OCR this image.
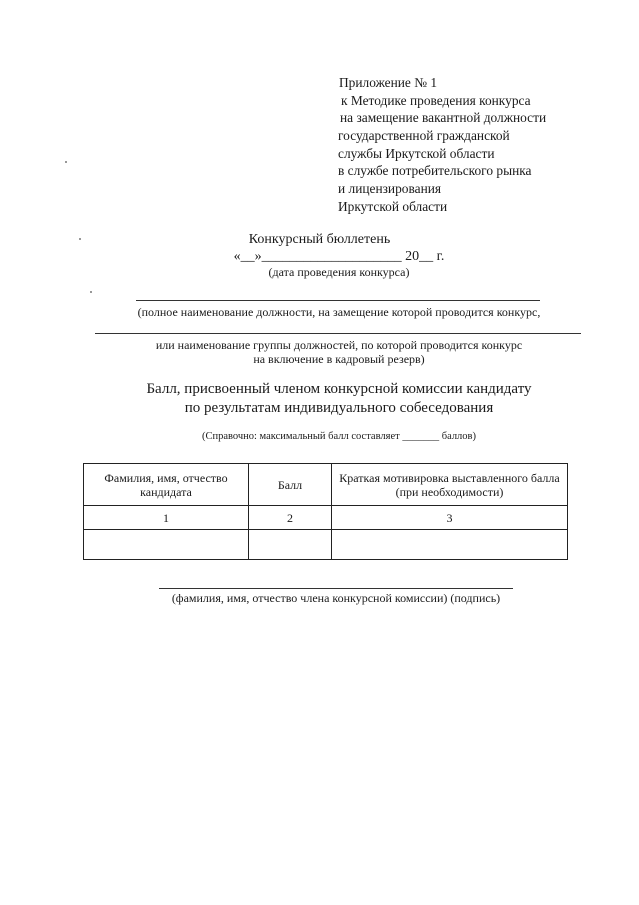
Приложение № 1
к Методике проведения конкурса
на замещение вакантной должности
государственной гражданской
службы Иркутской области
в службе потребительского рынка
и лицензирования
Иркутской области
Конкурсный бюллетень
«__»____________________ 20__ г.
(дата проведения конкурса)
(полное наименование должности, на замещение которой проводится конкурс,
или наименование группы должностей, по которой проводится конкурс
на включение в кадровый резерв)
Балл, присвоенный членом конкурсной комиссии кандидату
по результатам индивидуального собеседования
(Справочно: максимальный балл составляет _______ баллов)
Фамилия, имя, отчество кандидата	Балл	Краткая мотивировка выставленного балла (при необходимости)
1	2	3

(фамилия, имя, отчество члена конкурсной комиссии) (подпись)
